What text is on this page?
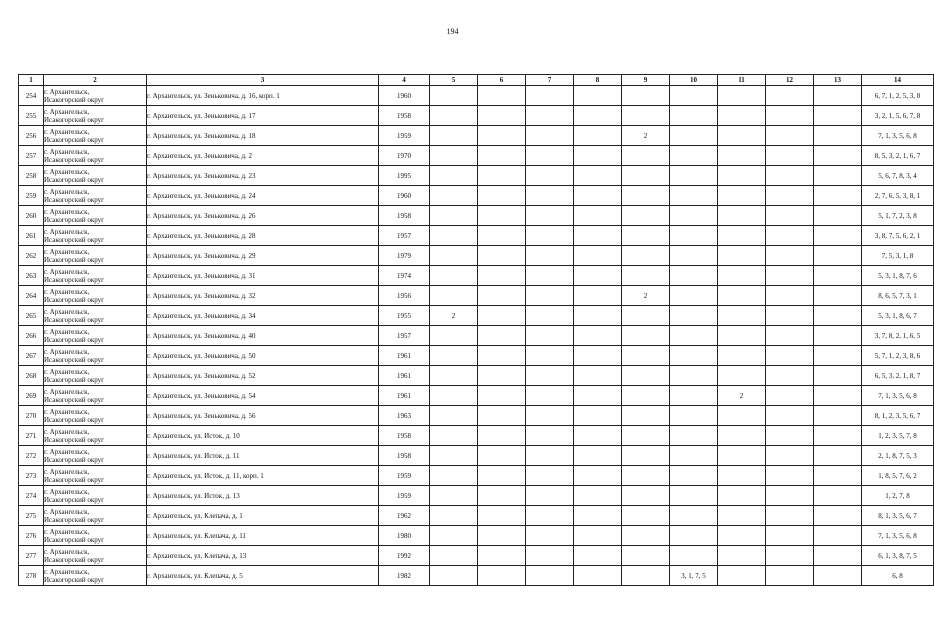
194
1	2	3	4	5	6	7	8	9	10	11	12	13	14
254	г. Архангельск,
Исакогорский округ	г. Архангельск, ул. Зеньковича, д. 16, корп. 1	1960										6, 7, 1, 2, 5, 3, 8
255	г. Архангельск,
Исакогорский округ	г. Архангельск, ул. Зеньковича, д. 17	1958										3, 2, 1, 5, 6, 7, 8
256	г. Архангельск,
Исакогорский округ	г. Архангельск, ул. Зеньковича, д. 18	1959					2					7, 1, 3, 5, 6, 8
257	г. Архангельск,
Исакогорский округ	г. Архангельск, ул. Зеньковича, д. 2	1970										8, 5, 3, 2, 1, 6, 7
258	г. Архангельск,
Исакогорский округ	г. Архангельск, ул. Зеньковича, д. 23	1995										5, 6, 7, 8, 3, 4
259	г. Архангельск,
Исакогорский округ	г. Архангельск, ул. Зеньковича, д. 24	1960										2, 7, 6, 5, 3, 8, 1
260	г. Архангельск,
Исакогорский округ	г. Архангельск, ул. Зеньковича, д. 26	1958										5, 1, 7, 2, 3, 8
261	г. Архангельск,
Исакогорский округ	г. Архангельск, ул. Зеньковича, д. 28	1957										3, 8, 7, 5, 6, 2, 1
262	г. Архангельск,
Исакогорский округ	г. Архангельск, ул. Зеньковича, д. 29	1979										7, 5, 3, 1, 8
263	г. Архангельск,
Исакогорский округ	г. Архангельск, ул. Зеньковича, д. 31	1974										5, 3, 1, 8, 7, 6
264	г. Архангельск,
Исакогорский округ	г. Архангельск, ул. Зеньковича, д. 32	1956					2					8, 6, 5, 7, 3, 1
265	г. Архангельск,
Исакогорский округ	г. Архангельск, ул. Зеньковича, д. 34	1955	2									5, 3, 1, 8, 6, 7
266	г. Архангельск,
Исакогорский округ	г. Архангельск, ул. Зеньковича, д. 40	1957										3, 7, 8, 2, 1, 6, 5
267	г. Архангельск,
Исакогорский округ	г. Архангельск, ул. Зеньковича, д. 50	1961										5, 7, 1, 2, 3, 8, 6
268	г. Архангельск,
Исакогорский округ	г. Архангельск, ул. Зеньковича, д. 52	1961										6, 5, 3, 2, 1, 8, 7
269	г. Архангельск,
Исакогорский округ	г. Архангельск, ул. Зеньковича, д. 54	1961							2			7, 1, 3, 5, 6, 8
270	г. Архангельск,
Исакогорский округ	г. Архангельск, ул. Зеньковича, д. 56	1963										8, 1, 2, 3, 5, 6, 7
271	г. Архангельск,
Исакогорский округ	г. Архангельск, ул. Исток, д. 10	1958										1, 2, 3, 5, 7, 8
272	г. Архангельск,
Исакогорский округ	г. Архангельск, ул. Исток, д. 11	1958										2, 1, 8, 7, 5, 3
273	г. Архангельск,
Исакогорский округ	г. Архангельск, ул. Исток, д. 11, корп. 1	1959										1, 8, 5, 7, 6, 2
274	г. Архангельск,
Исакогорский округ	г. Архангельск, ул. Исток, д. 13	1959										1, 2, 7, 8
275	г. Архангельск,
Исакогорский округ	г. Архангельск, ул. Клепача, д. 1	1962										8, 1, 3, 5, 6, 7
276	г. Архангельск,
Исакогорский округ	г. Архангельск, ул. Клепача, д. 11	1980										7, 1, 3, 5, 6, 8
277	г. Архангельск,
Исакогорский округ	г. Архангельск, ул. Клепача, д. 13	1992										6, 1, 3, 8, 7, 5
278	г. Архангельск,
Исакогорский округ	г. Архангельск, ул. Клепача, д. 5	1982						3, 1, 7, 5				6, 8
